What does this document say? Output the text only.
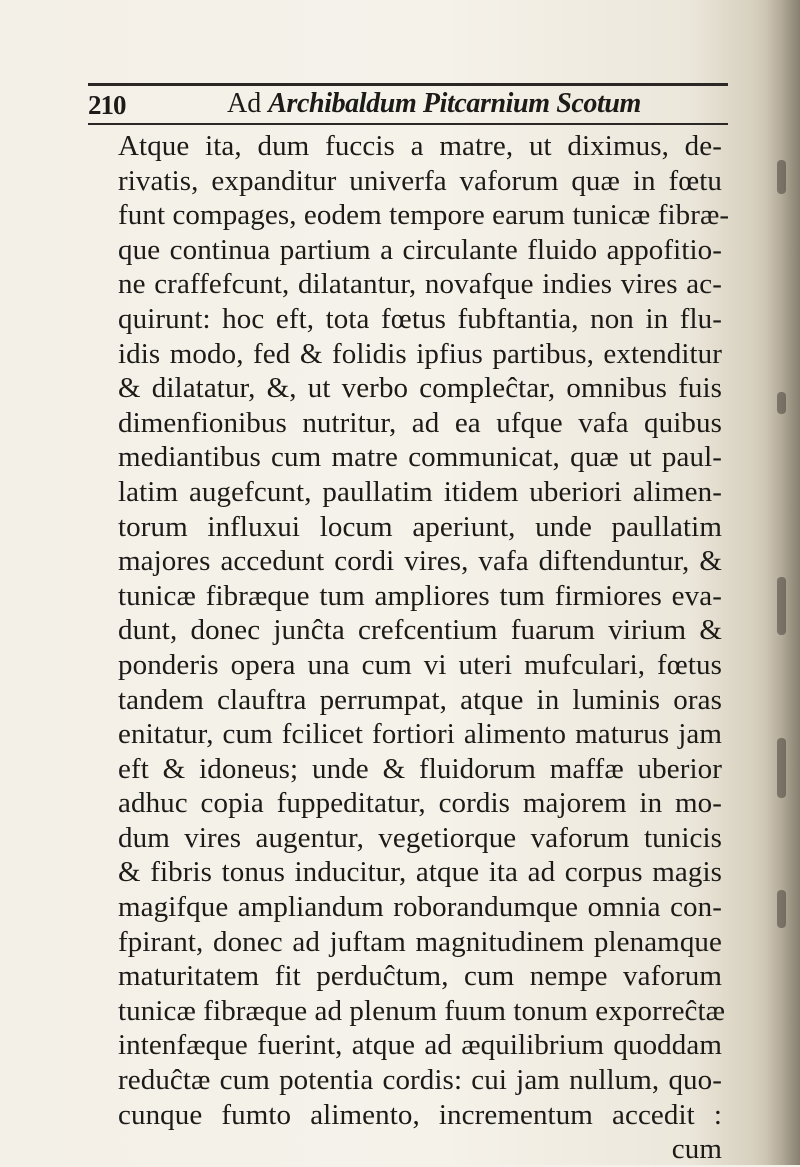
210	Ad Archibaldum Pitcarnium Scotum
Atque ita, dum fuccis a matre, ut diximus, de-
rivatis, expanditur univerfa vaforum quæ in fœtu
funt compages, eodem tempore earum tunicæ fibræ-
que continua partium a circulante fluido appofitio-
ne craffefcunt, dilatantur, novafque indies vires ac-
quirunt: hoc eft, tota fœtus fubftantia, non in flu-
idis modo, fed & folidis ipfius partibus, extenditur
& dilatatur, &, ut verbo compleĉtar, omnibus fuis
dimenfionibus nutritur, ad ea ufque vafa quibus
mediantibus cum matre communicat, quæ ut paul-
latim augefcunt, paullatim itidem uberiori alimen-
torum influxui locum aperiunt, unde paullatim
majores accedunt cordi vires, vafa diftenduntur, &
tunicæ fibræque tum ampliores tum firmiores eva-
dunt, donec junĉta crefcentium fuarum virium &
ponderis opera una cum vi uteri mufculari, fœtus
tandem clauftra perrumpat, atque in luminis oras
enitatur, cum fcilicet fortiori alimento maturus jam
eft & idoneus; unde & fluidorum maffæ uberior
adhuc copia fuppeditatur, cordis majorem in mo-
dum vires augentur, vegetiorque vaforum tunicis
& fibris tonus inducitur, atque ita ad corpus magis
magifque ampliandum roborandumque omnia con-
fpirant, donec ad juftam magnitudinem plenamque
maturitatem fit perduĉtum, cum nempe vaforum
tunicæ fibræque ad plenum fuum tonum exporreĉtæ
intenfæque fuerint, atque ad æquilibrium quoddam
reduĉtæ cum potentia cordis: cui jam nullum, quo-
cunque fumto alimento, incrementum accedit :
cum
